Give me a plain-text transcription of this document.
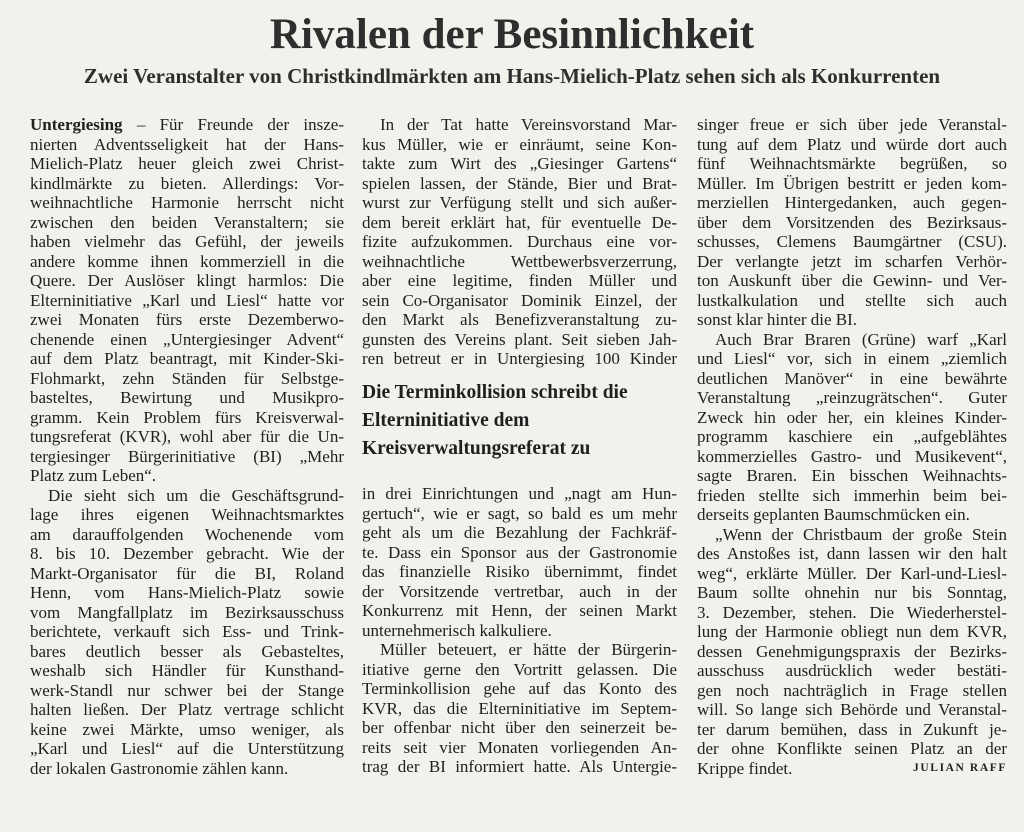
Rivalen der Besinnlichkeit
Zwei Veranstalter von Christkindlmärkten am Hans-Mielich-Platz sehen sich als Konkurrenten
Untergiesing – Für Freunde der insze-
nierten Adventsseligkeit hat der Hans-
Mielich-Platz heuer gleich zwei Christ-
kindlmärkte zu bieten. Allerdings: Vor-
weihnachtliche Harmonie herrscht nicht
zwischen den beiden Veranstaltern; sie
haben vielmehr das Gefühl, der jeweils
andere komme ihnen kommerziell in die
Quere. Der Auslöser klingt harmlos: Die
Elterninitiative „Karl und Liesl“ hatte vor
zwei Monaten fürs erste Dezemberwo-
chenende einen „Untergiesinger Advent“
auf dem Platz beantragt, mit Kinder-Ski-
Flohmarkt, zehn Ständen für Selbstge-
basteltes, Bewirtung und Musikpro-
gramm. Kein Problem fürs Kreisverwal-
tungsreferat (KVR), wohl aber für die Un-
tergiesinger Bürgerinitiative (BI) „Mehr
Platz zum Leben“.
Die sieht sich um die Geschäftsgrund-
lage ihres eigenen Weihnachtsmarktes
am darauffolgenden Wochenende vom
8. bis 10. Dezember gebracht. Wie der
Markt-Organisator für die BI, Roland
Henn, vom Hans-Mielich-Platz sowie
vom Mangfallplatz im Bezirksausschuss
berichtete, verkauft sich Ess- und Trink-
bares deutlich besser als Gebasteltes,
weshalb sich Händler für Kunsthand-
werk-Standl nur schwer bei der Stange
halten ließen. Der Platz vertrage schlicht
keine zwei Märkte, umso weniger, als
„Karl und Liesl“ auf die Unterstützung
der lokalen Gastronomie zählen kann.
In der Tat hatte Vereinsvorstand Mar-
kus Müller, wie er einräumt, seine Kon-
takte zum Wirt des „Giesinger Gartens“
spielen lassen, der Stände, Bier und Brat-
wurst zur Verfügung stellt und sich außer-
dem bereit erklärt hat, für eventuelle De-
fizite aufzukommen. Durchaus eine vor-
weihnachtliche Wettbewerbsverzerrung,
aber eine legitime, finden Müller und
sein Co-Organisator Dominik Einzel, der
den Markt als Benefizveranstaltung zu-
gunsten des Vereins plant. Seit sieben Jah-
ren betreut er in Untergiesing 100 Kinder
Die Terminkollision schreibt die
Elterninitiative dem
Kreisverwaltungsreferat zu
in drei Einrichtungen und „nagt am Hun-
gertuch“, wie er sagt, so bald es um mehr
geht als um die Bezahlung der Fachkräf-
te. Dass ein Sponsor aus der Gastronomie
das finanzielle Risiko übernimmt, findet
der Vorsitzende vertretbar, auch in der
Konkurrenz mit Henn, der seinen Markt
unternehmerisch kalkuliere.
Müller beteuert, er hätte der Bürgerin-
itiative gerne den Vortritt gelassen. Die
Terminkollision gehe auf das Konto des
KVR, das die Elterninitiative im Septem-
ber offenbar nicht über den seinerzeit be-
reits seit vier Monaten vorliegenden An-
trag der BI informiert hatte. Als Untergie-
singer freue er sich über jede Veranstal-
tung auf dem Platz und würde dort auch
fünf Weihnachtsmärkte begrüßen, so
Müller. Im Übrigen bestritt er jeden kom-
merziellen Hintergedanken, auch gegen-
über dem Vorsitzenden des Bezirksaus-
schusses, Clemens Baumgärtner (CSU).
Der verlangte jetzt im scharfen Verhör-
ton Auskunft über die Gewinn- und Ver-
lustkalkulation und stellte sich auch
sonst klar hinter die BI.
Auch Brar Braren (Grüne) warf „Karl
und Liesl“ vor, sich in einem „ziemlich
deutlichen Manöver“ in eine bewährte
Veranstaltung „reinzugrätschen“. Guter
Zweck hin oder her, ein kleines Kinder-
programm kaschiere ein „aufgeblähtes
kommerzielles Gastro- und Musikevent“,
sagte Braren. Ein bisschen Weihnachts-
frieden stellte sich immerhin beim bei-
derseits geplanten Baumschmücken ein.
„Wenn der Christbaum der große Stein
des Anstoßes ist, dann lassen wir den halt
weg“, erklärte Müller. Der Karl-und-Liesl-
Baum sollte ohnehin nur bis Sonntag,
3. Dezember, stehen. Die Wiederherstel-
lung der Harmonie obliegt nun dem KVR,
dessen Genehmigungspraxis der Bezirks-
ausschuss ausdrücklich weder bestäti-
gen noch nachträglich in Frage stellen
will. So lange sich Behörde und Veranstal-
ter darum bemühen, dass in Zukunft je-
der ohne Konflikte seinen Platz an der
Krippe findet.	JULIAN RAFF
